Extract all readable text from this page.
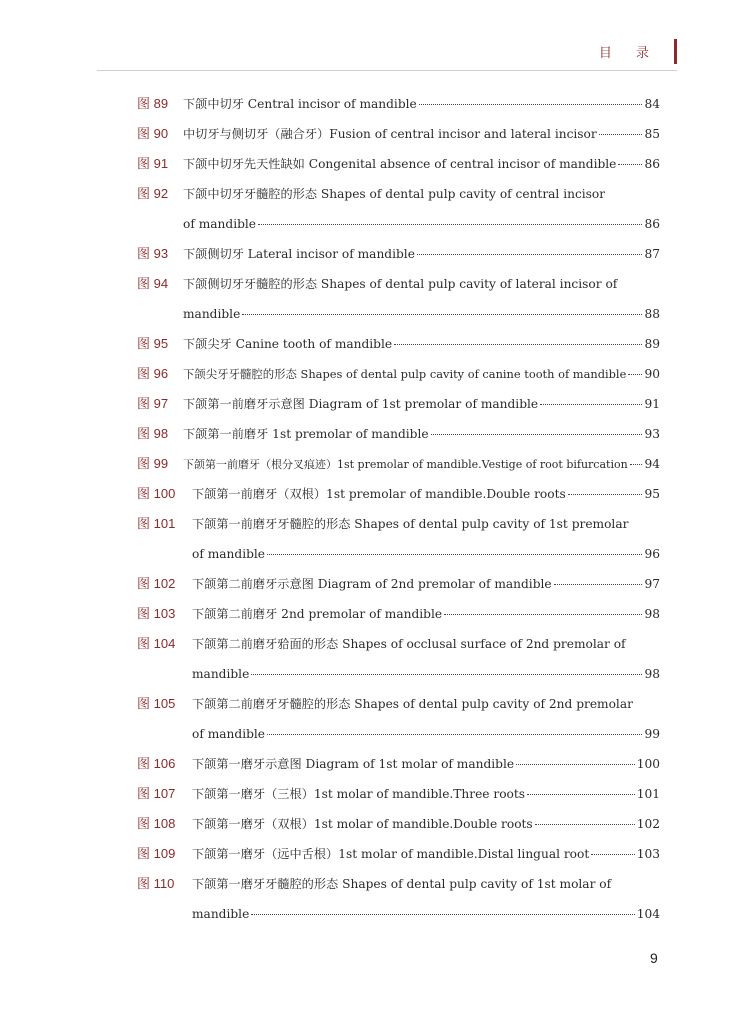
目 录
图 89 下颌中切牙 Central incisor of mandible	84
图 90 中切牙与侧切牙（融合牙）Fusion of central incisor and lateral incisor	85
图 91 下颌中切牙先天性缺如 Congenital absence of central incisor of mandible 86
图 92 下颌中切牙牙髓腔的形态 Shapes of dental pulp cavity of central incisor
of mandible	86
图 93 下颌侧切牙 Lateral incisor of mandible	87
图 94 下颌侧切牙牙髓腔的形态 Shapes of dental pulp cavity of lateral incisor of
mandible	88
图 95 下颌尖牙 Canine tooth of mandible	89
图 96 下颌尖牙牙髓腔的形态 Shapes of dental pulp cavity of canine tooth of mandible 90
图 97 下颌第一前磨牙示意图 Diagram of 1st premolar of mandible	91
图 98 下颌第一前磨牙 1st premolar of mandible	93
图 99 下颌第一前磨牙（根分叉痕迹）1st premolar of mandible.Vestige of root bifurcation 94
图 100 下颌第一前磨牙（双根）1st premolar of mandible.Double roots	95
图 101 下颌第一前磨牙牙髓腔的形态 Shapes of dental pulp cavity of 1st premolar
of mandible	96
图 102 下颌第二前磨牙示意图 Diagram of 2nd premolar of mandible	97
图 103 下颌第二前磨牙 2nd premolar of mandible	98
图 104 下颌第二前磨牙𬌗面的形态 Shapes of occlusal surface of 2nd premolar of
mandible	98
图 105 下颌第二前磨牙牙髓腔的形态 Shapes of dental pulp cavity of 2nd premolar
of mandible	99
图 106 下颌第一磨牙示意图 Diagram of 1st molar of mandible	100
图 107 下颌第一磨牙（三根）1st molar of mandible.Three roots	101
图 108 下颌第一磨牙（双根）1st molar of mandible.Double roots	102
图 109 下颌第一磨牙（远中舌根）1st molar of mandible.Distal lingual root	103
图 110 下颌第一磨牙牙髓腔的形态 Shapes of dental pulp cavity of 1st molar of
mandible	104
9
